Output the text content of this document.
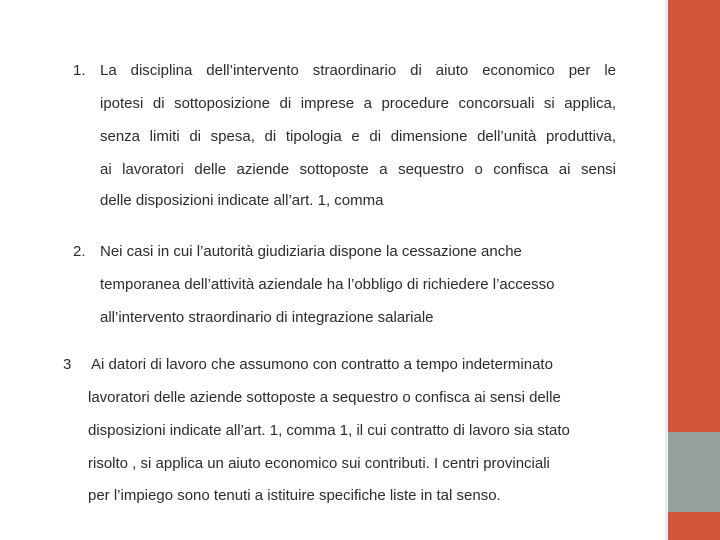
1. La disciplina dell’intervento straordinario di aiuto economico per le
ipotesi di sottoposizione di imprese a procedure concorsuali si applica,
senza limiti di spesa, di tipologia e di dimensione dell’unità produttiva,
ai lavoratori delle aziende sottoposte a sequestro o confisca ai sensi
delle disposizioni indicate all’art. 1, comma
2. Nei casi in cui l’autorità giudiziaria dispone la cessazione anche
temporanea dell’attività aziendale ha l’obbligo di richiedere l’accesso
all’intervento straordinario di integrazione salariale
3 Ai datori di lavoro che assumono con contratto a tempo indeterminato
lavoratori delle aziende sottoposte a sequestro o confisca ai sensi delle
disposizioni indicate all’art. 1, comma 1, il cui contratto di lavoro sia stato
risolto , si applica un aiuto economico sui contributi. I centri provinciali
per l’impiego sono tenuti a istituire specifiche liste in tal senso.
